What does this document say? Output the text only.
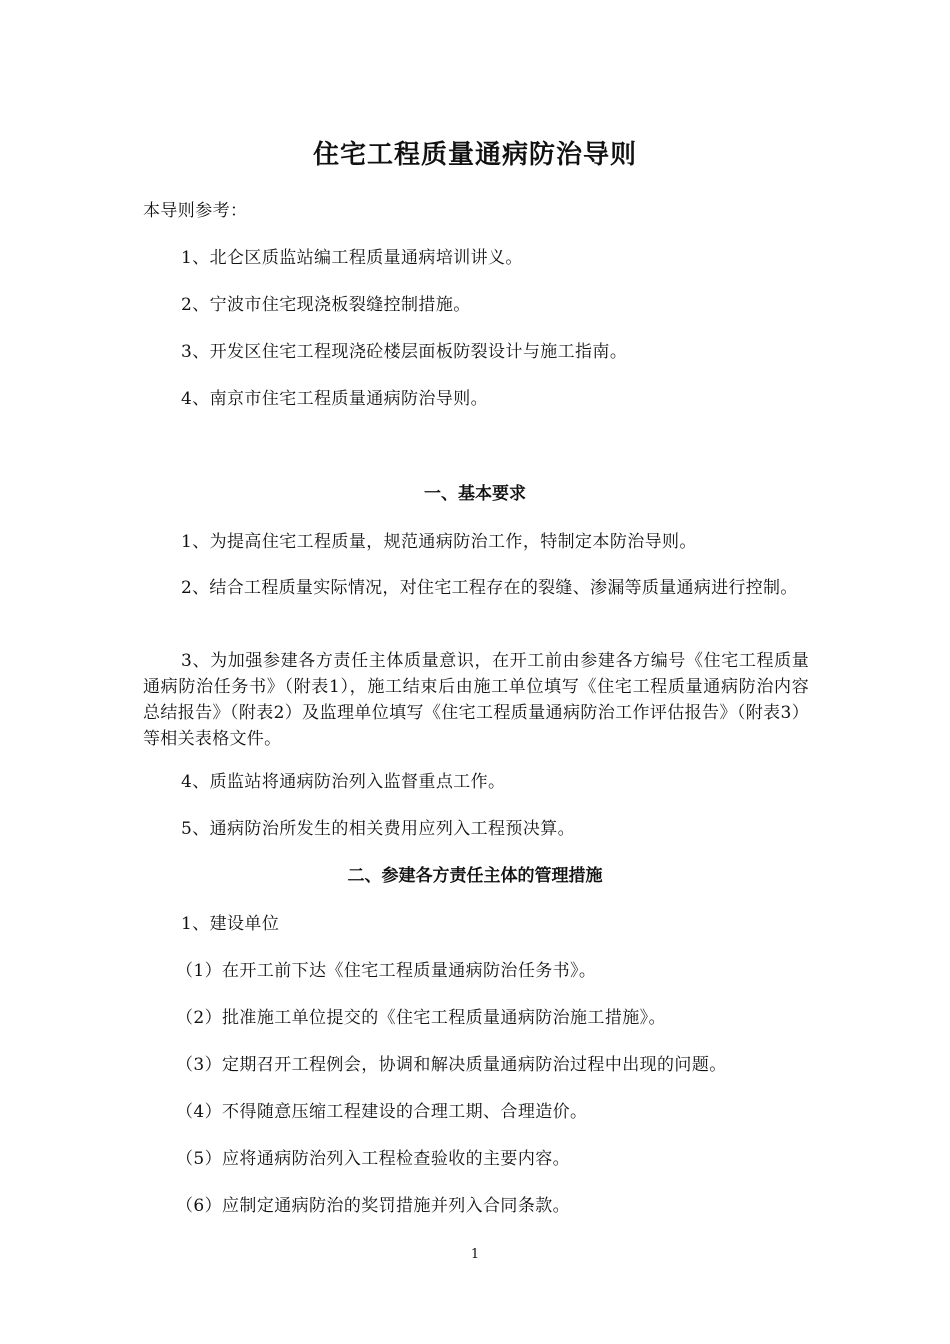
住宅工程质量通病防治导则
本导则参考：
1、北仑区质监站编工程质量通病培训讲义。
2、宁波市住宅现浇板裂缝控制措施。
3、开发区住宅工程现浇砼楼层面板防裂设计与施工指南。
4、南京市住宅工程质量通病防治导则。
一、基本要求
1、为提高住宅工程质量，规范通病防治工作，特制定本防治导则。
2、结合工程质量实际情况，对住宅工程存在的裂缝、渗漏等质量通病进行控制。
3、为加强参建各方责任主体质量意识，在开工前由参建各方编号《住宅工程质量通病防治任务书》（附表1），施工结束后由施工单位填写《住宅工程质量通病防治内容总结报告》（附表2）及监理单位填写《住宅工程质量通病防治工作评估报告》（附表3）等相关表格文件。
4、质监站将通病防治列入监督重点工作。
5、通病防治所发生的相关费用应列入工程预决算。
二、参建各方责任主体的管理措施
1、建设单位
（1）在开工前下达《住宅工程质量通病防治任务书》。
（2）批准施工单位提交的《住宅工程质量通病防治施工措施》。
（3）定期召开工程例会，协调和解决质量通病防治过程中出现的问题。
（4）不得随意压缩工程建设的合理工期、合理造价。
（5）应将通病防治列入工程检查验收的主要内容。
（6）应制定通病防治的奖罚措施并列入合同条款。
1
